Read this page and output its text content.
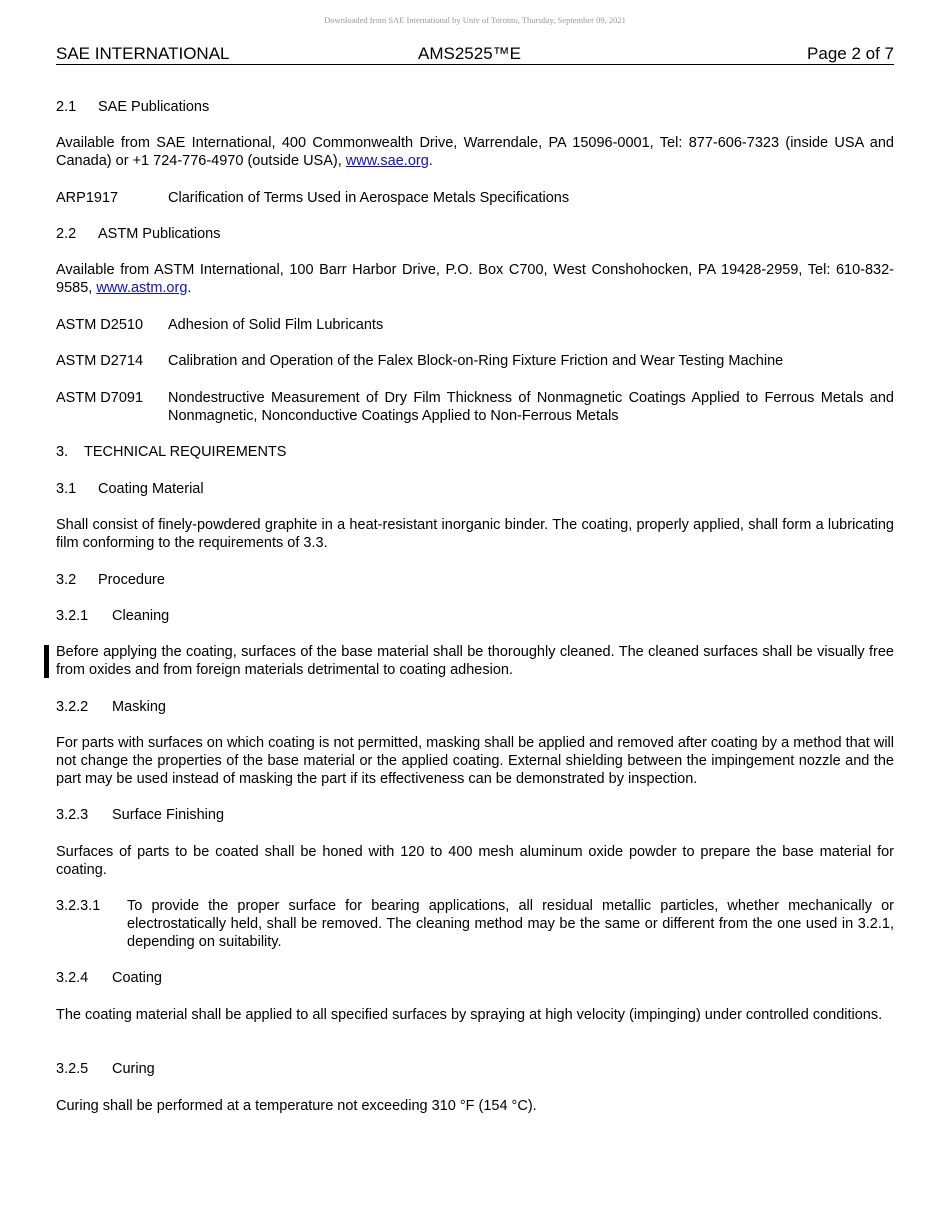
Downloaded from SAE International by Univ of Toronto, Thursday, September 09, 2021
SAE INTERNATIONAL	AMS2525™E	Page 2 of 7

2.1 SAE Publications

Available from SAE International, 400 Commonwealth Drive, Warrendale, PA 15096-0001, Tel: 877-606-7323 (inside USA and Canada) or +1 724-776-4970 (outside USA), www.sae.org.

ARP1917	Clarification of Terms Used in Aerospace Metals Specifications

2.2 ASTM Publications

Available from ASTM International, 100 Barr Harbor Drive, P.O. Box C700, West Conshohocken, PA 19428-2959, Tel: 610-832-9585, www.astm.org.

ASTM D2510 Adhesion of Solid Film Lubricants
ASTM D2714 Calibration and Operation of the Falex Block-on-Ring Fixture Friction and Wear Testing Machine
ASTM D7091 Nondestructive Measurement of Dry Film Thickness of Nonmagnetic Coatings Applied to Ferrous Metals and Nonmagnetic, Nonconductive Coatings Applied to Non-Ferrous Metals

3. TECHNICAL REQUIREMENTS

3.1 Coating Material

Shall consist of finely-powdered graphite in a heat-resistant inorganic binder. The coating, properly applied, shall form a lubricating film conforming to the requirements of 3.3.

3.2 Procedure

3.2.1 Cleaning

Before applying the coating, surfaces of the base material shall be thoroughly cleaned. The cleaned surfaces shall be visually free from oxides and from foreign materials detrimental to coating adhesion.

3.2.2 Masking

For parts with surfaces on which coating is not permitted, masking shall be applied and removed after coating by a method that will not change the properties of the base material or the applied coating. External shielding between the impingement nozzle and the part may be used instead of masking the part if its effectiveness can be demonstrated by inspection.

3.2.3 Surface Finishing

Surfaces of parts to be coated shall be honed with 120 to 400 mesh aluminum oxide powder to prepare the base material for coating.

3.2.3.1 To provide the proper surface for bearing applications, all residual metallic particles, whether mechanically or electrostatically held, shall be removed. The cleaning method may be the same or different from the one used in 3.2.1, depending on suitability.

3.2.4 Coating

The coating material shall be applied to all specified surfaces by spraying at high velocity (impinging) under controlled conditions.

3.2.5 Curing

Curing shall be performed at a temperature not exceeding 310 °F (154 °C).
